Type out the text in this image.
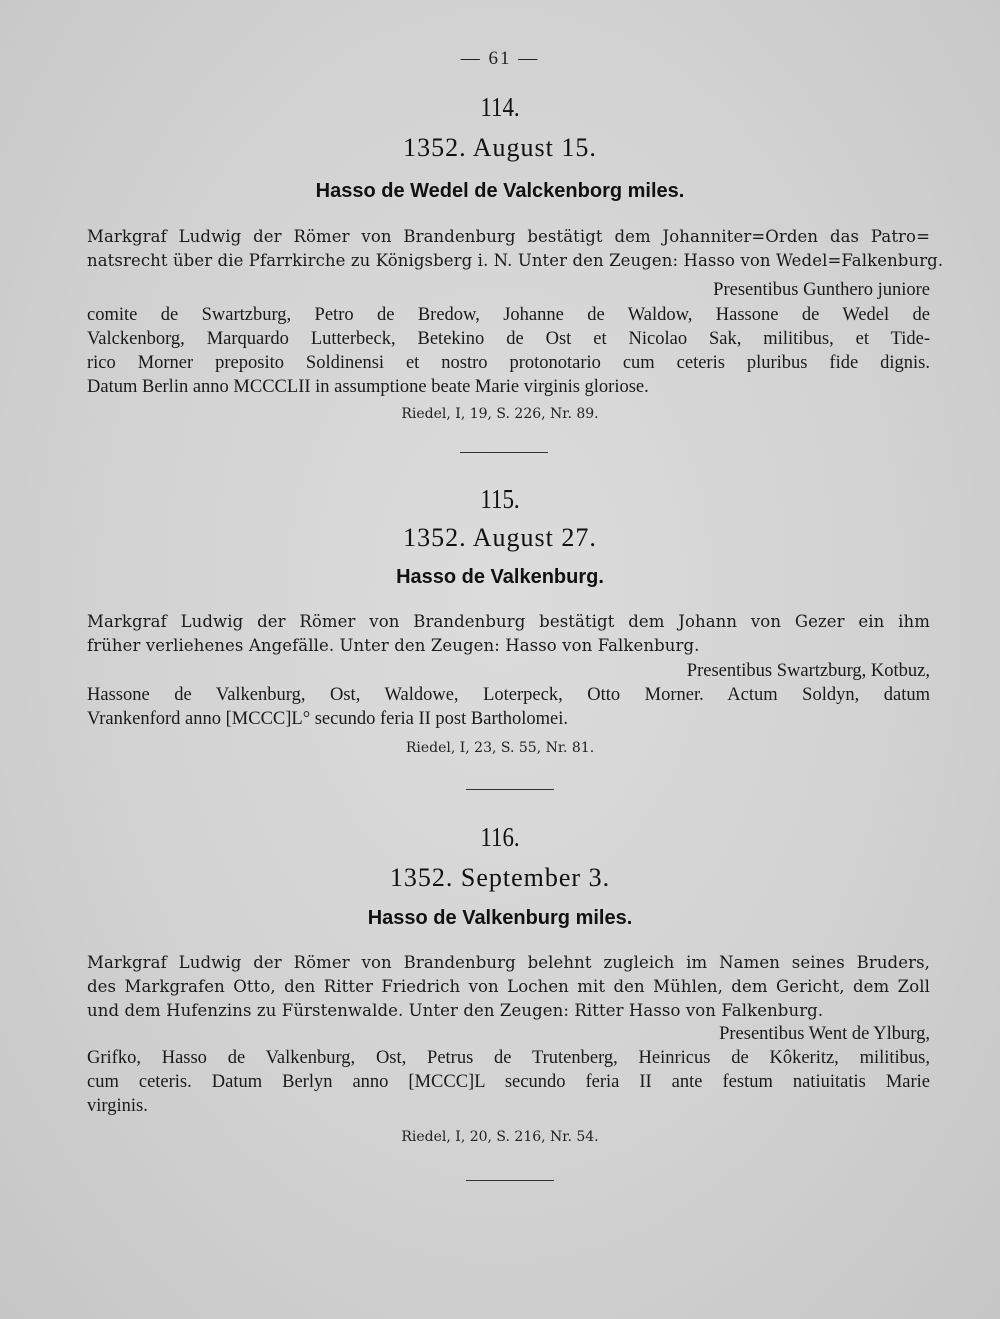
— 61 —
114.
1352. August 15.
Hasso de Wedel de Valckenborg miles.
Markgraf Ludwig der Römer von Brandenburg bestätigt dem Johanniter=Orden das Patro=
natsrecht über die Pfarrkirche zu Königsberg i. N. Unter den Zeugen: Hasso von Wedel=Falkenburg.
Presentibus Gunthero juniore
comite de Swartzburg, Petro de Bredow, Johanne de Waldow, Hassone de Wedel de
Valckenborg, Marquardo Lutterbeck, Betekino de Ost et Nicolao Sak, militibus, et Tide-
rico Morner preposito Soldinensi et nostro protonotario cum ceteris pluribus fide dignis.
Datum Berlin anno MCCCLII in assumptione beate Marie virginis gloriose.
Riedel, I, 19, S. 226, Nr. 89.
115.
1352. August 27.
Hasso de Valkenburg.
Markgraf Ludwig der Römer von Brandenburg bestätigt dem Johann von Gezer ein ihm
früher verliehenes Angefälle. Unter den Zeugen: Hasso von Falkenburg.
Presentibus Swartzburg, Kotbuz,
Hassone de Valkenburg, Ost, Waldowe, Loterpeck, Otto Morner. Actum Soldyn, datum
Vrankenford anno [MCCC]L° secundo feria II post Bartholomei.
Riedel, I, 23, S. 55, Nr. 81.
116.
1352. September 3.
Hasso de Valkenburg miles.
Markgraf Ludwig der Römer von Brandenburg belehnt zugleich im Namen seines Bruders,
des Markgrafen Otto, den Ritter Friedrich von Lochen mit den Mühlen, dem Gericht, dem Zoll
und dem Hufenzins zu Fürstenwalde. Unter den Zeugen: Ritter Hasso von Falkenburg.
Presentibus Went de Ylburg,
Grifko, Hasso de Valkenburg, Ost, Petrus de Trutenberg, Heinricus de Kôkeritz, militibus,
cum ceteris. Datum Berlyn anno [MCCC]L secundo feria II ante festum natiuitatis Marie
virginis.
Riedel, I, 20, S. 216, Nr. 54.
